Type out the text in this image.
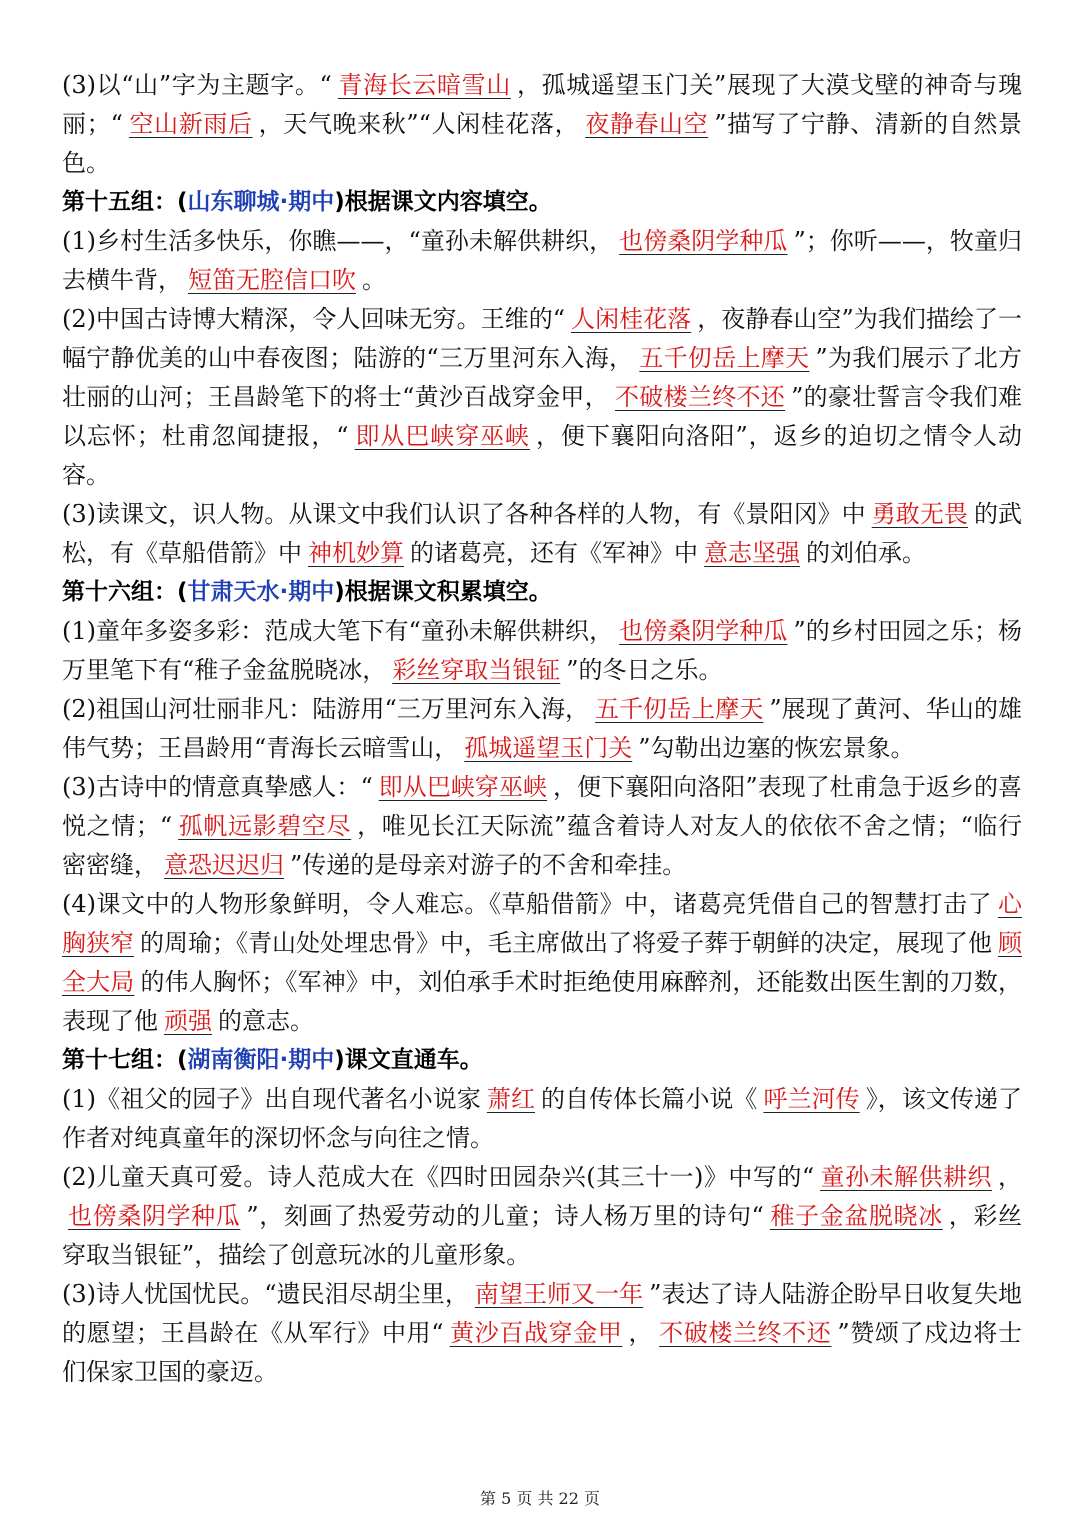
(3)以“山”字为主题字。“ 青海长云暗雪山 ，孤城遥望玉门关”展现了大漠戈壁的神奇与瑰丽；“ 空山新雨后 ，天气晚来秋”“人闲桂花落， 夜静春山空 ”描写了宁静、清新的自然景色。

第十五组：(山东聊城·期中)根据课文内容填空。

(1)乡村生活多快乐，你瞧——，“童孙未解供耕织， 也傍桑阴学种瓜 ”；你听——，牧童归去横牛背， 短笛无腔信口吹 。

(2)中国古诗博大精深，令人回味无穷。王维的“ 人闲桂花落 ，夜静春山空”为我们描绘了一幅宁静优美的山中春夜图；陆游的“三万里河东入海， 五千仞岳上摩天 ”为我们展示了北方壮丽的山河；王昌龄笔下的将士“黄沙百战穿金甲， 不破楼兰终不还 ”的豪壮誓言令我们难以忘怀；杜甫忽闻捷报，“ 即从巴峡穿巫峡 ，便下襄阳向洛阳”，返乡的迫切之情令人动容。

(3)读课文，识人物。从课文中我们认识了各种各样的人物，有《景阳冈》中 勇敢无畏 的武松，有《草船借箭》中 神机妙算 的诸葛亮，还有《军神》中 意志坚强 的刘伯承。

第十六组：(甘肃天水·期中)根据课文积累填空。

(1)童年多姿多彩：范成大笔下有“童孙未解供耕织， 也傍桑阴学种瓜 ”的乡村田园之乐；杨万里笔下有“稚子金盆脱晓冰， 彩丝穿取当银钲 ”的冬日之乐。

(2)祖国山河壮丽非凡：陆游用“三万里河东入海， 五千仞岳上摩天 ”展现了黄河、华山的雄伟气势；王昌龄用“青海长云暗雪山， 孤城遥望玉门关 ”勾勒出边塞的恢宏景象。

(3)古诗中的情意真挚感人：“ 即从巴峡穿巫峡 ，便下襄阳向洛阳”表现了杜甫急于返乡的喜悦之情；“ 孤帆远影碧空尽 ，唯见长江天际流”蕴含着诗人对友人的依依不舍之情；“临行密密缝， 意恐迟迟归 ”传递的是母亲对游子的不舍和牵挂。

(4)课文中的人物形象鲜明，令人难忘。《草船借箭》中，诸葛亮凭借自己的智慧打击了 心胸狭窄 的周瑜；《青山处处埋忠骨》中，毛主席做出了将爱子葬于朝鲜的决定，展现了他 顾全大局 的伟人胸怀；《军神》中，刘伯承手术时拒绝使用麻醉剂，还能数出医生割的刀数，表现了他 顽强 的意志。

第十七组：(湖南衡阳·期中)课文直通车。

(1)《祖父的园子》出自现代著名小说家 萧红 的自传体长篇小说《 呼兰河传 》，该文传递了作者对纯真童年的深切怀念与向往之情。

(2)儿童天真可爱。诗人范成大在《四时田园杂兴(其三十一)》中写的“ 童孙未解供耕织 ，也傍桑阴学种瓜 ”，刻画了热爱劳动的儿童；诗人杨万里的诗句“ 稚子金盆脱晓冰 ，彩丝穿取当银钲”，描绘了创意玩冰的儿童形象。

(3)诗人忧国忧民。“遗民泪尽胡尘里， 南望王师又一年 ”表达了诗人陆游企盼早日收复失地的愿望；王昌龄在《从军行》中用“ 黄沙百战穿金甲 ， 不破楼兰终不还 ”赞颂了戍边将士们保家卫国的豪迈。

第 5 页 共 22 页
